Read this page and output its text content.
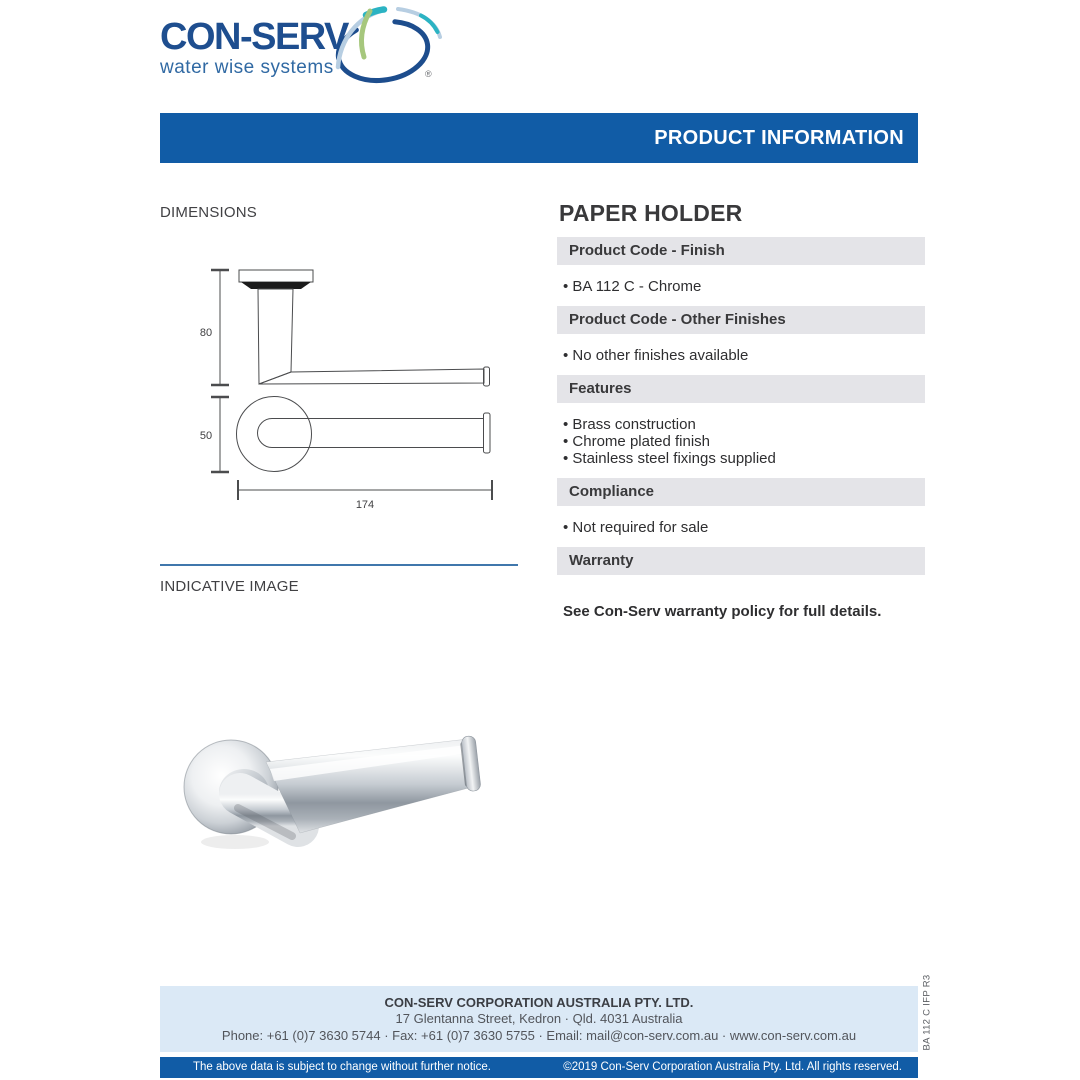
CON-SERV
water wise systems	®
PRODUCT INFORMATION
DIMENSIONS
80
50
174
INDICATIVE IMAGE
PAPER HOLDER
Product Code - Finish
• BA 112 C - Chrome
Product Code - Other Finishes
• No other finishes available
Features
• Brass construction
• Chrome plated finish
• Stainless steel fixings supplied
Compliance
• Not required for sale
Warranty
See Con-Serv warranty policy for full details.
CON-SERV CORPORATION AUSTRALIA PTY. LTD.
17 Glentanna Street, Kedron · Qld. 4031 Australia
Phone: +61 (0)7 3630 5744 · Fax: +61 (0)7 3630 5755 · Email: mail@con-serv.com.au · www.con-serv.com.au
The above data is subject to change without further notice.	©2019 Con-Serv Corporation Australia Pty. Ltd. All rights reserved.
BA 112 C IFP R3
